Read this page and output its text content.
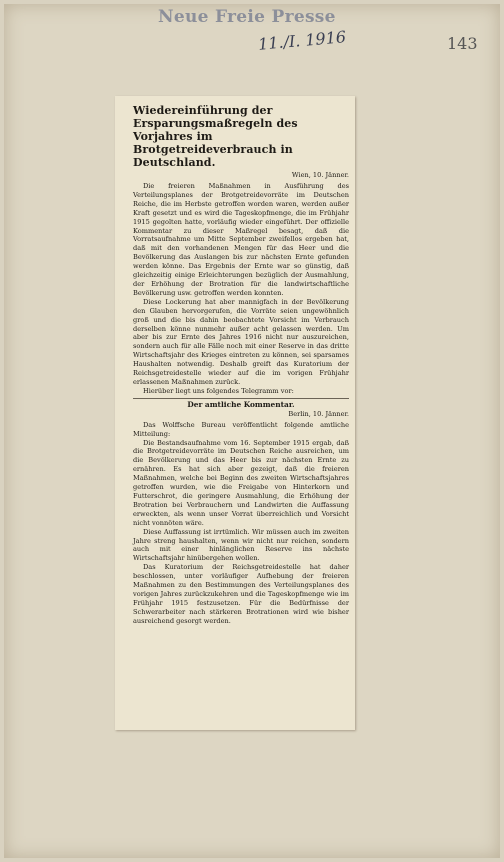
Neue Freie Presse
11./I. 1916	143

Wiedereinführung der Ersparungsmaßregeln des Vorjahres im Brotgetreideverbrauch in Deutschland.

Wien, 10. Jänner.

Die freieren Maßnahmen in Ausführung des Verteilungsplanes der Brotgetreidevorräte im Deutschen Reiche, die im Herbste getroffen worden waren, werden außer Kraft gesetzt und es wird die Tageskopfmenge, die im Frühjahr 1915 gegolten hatte, vorläufig wieder eingeführt. Der offizielle Kommentar zu dieser Maßregel besagt, daß die Vorratsaufnahme um Mitte September zweifellos ergeben hat, daß mit den vorhandenen Mengen für das Heer und die Bevölkerung das Auslangen bis zur nächsten Ernte gefunden werden könne. Das Ergebnis der Ernte war so günstig, daß gleichzeitig einige Erleichterungen bezüglich der Ausmahlung, der Erhöhung der Brotration für die landwirtschaftliche Bevölkerung usw. getroffen werden konnten.

Diese Lockerung hat aber mannigfach in der Bevölkerung den Glauben hervorgerufen, die Vorräte seien ungewöhnlich groß und die bis dahin beobachtete Vorsicht im Verbrauch derselben könne nunmehr außer acht gelassen werden. Um aber bis zur Ernte des Jahres 1916 nicht nur auszureichen, sondern auch für alle Fälle noch mit einer Reserve in das dritte Wirtschaftsjahr des Krieges eintreten zu können, sei sparsames Haushalten notwendig. Deshalb greift das Kuratorium der Reichsgetreidestelle wieder auf die im vorigen Frühjahr erlassenen Maßnahmen zurück.

Hierüber liegt uns folgendes Telegramm vor:

Der amtliche Kommentar.

Berlin, 10. Jänner.

Das Wolffsche Bureau veröffentlicht folgende amtliche Mitteilung:

Die Bestandsaufnahme vom 16. September 1915 ergab, daß die Brotgetreidevorräte im Deutschen Reiche ausreichen, um die Bevölkerung und das Heer bis zur nächsten Ernte zu ernähren. Es hat sich aber gezeigt, daß die freieren Maßnahmen, welche bei Beginn des zweiten Wirtschaftsjahres getroffen wurden, wie die Freigabe von Hinterkorn und Futterschrot, die geringere Ausmahlung, die Erhöhung der Brotration bei Verbrauchern und Landwirten die Auffassung erweckten, als wenn unser Vorrat überreichlich und Vorsicht nicht vonnöten wäre.

Diese Auffassung ist irrtümlich. Wir müssen auch im zweiten Jahre streng haushalten, wenn wir nicht nur reichen, sondern auch mit einer hinlänglichen Reserve ins nächste Wirtschaftsjahr hinübergehen wollen.

Das Kuratorium der Reichsgetreidestelle hat daher beschlossen, unter vorläufiger Aufhebung der freieren Maßnahmen zu den Bestimmungen des Verteilungsplanes des vorigen Jahres zurückzukehren und die Tageskopfmenge wie im Frühjahr 1915 festzusetzen. Für die Bedürfnisse der Schwerarbeiter nach stärkeren Brotrationen wird wie bisher ausreichend gesorgt werden.
